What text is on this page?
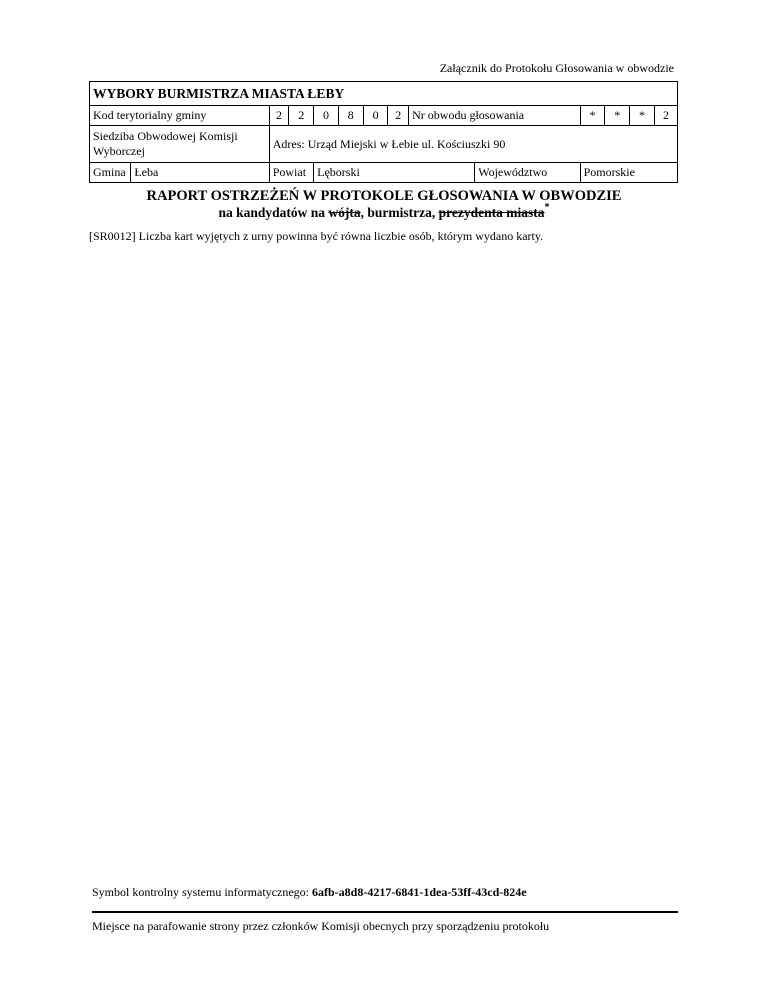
Załącznik do Protokołu Głosowania w obwodzie
WYBORY BURMISTRZA MIASTA ŁEBY													
Kod terytorialny gminy		2	2	0	8	0	2	Nr obwodu głosowania		*	*	*	2
Siedziba Obwodowej Komisji Wyborczej		Adres: Urząd Miejski w Łebie ul. Kościuszki 90											
Gmina	Łeba	Powiat		Lęborski					Województwo	Pomorskie			
RAPORT OSTRZEŻEŃ W PROTOKOLE GŁOSOWANIA W OBWODZIE
na kandydatów na wójta, burmistrza, prezydenta miasta*
[SR0012] Liczba kart wyjętych z urny powinna być równa liczbie osób, którym wydano karty.
Symbol kontrolny systemu informatycznego: 6afb-a8d8-4217-6841-1dea-53ff-43cd-824e
Miejsce na parafowanie strony przez członków Komisji obecnych przy sporządzeniu protokołu
